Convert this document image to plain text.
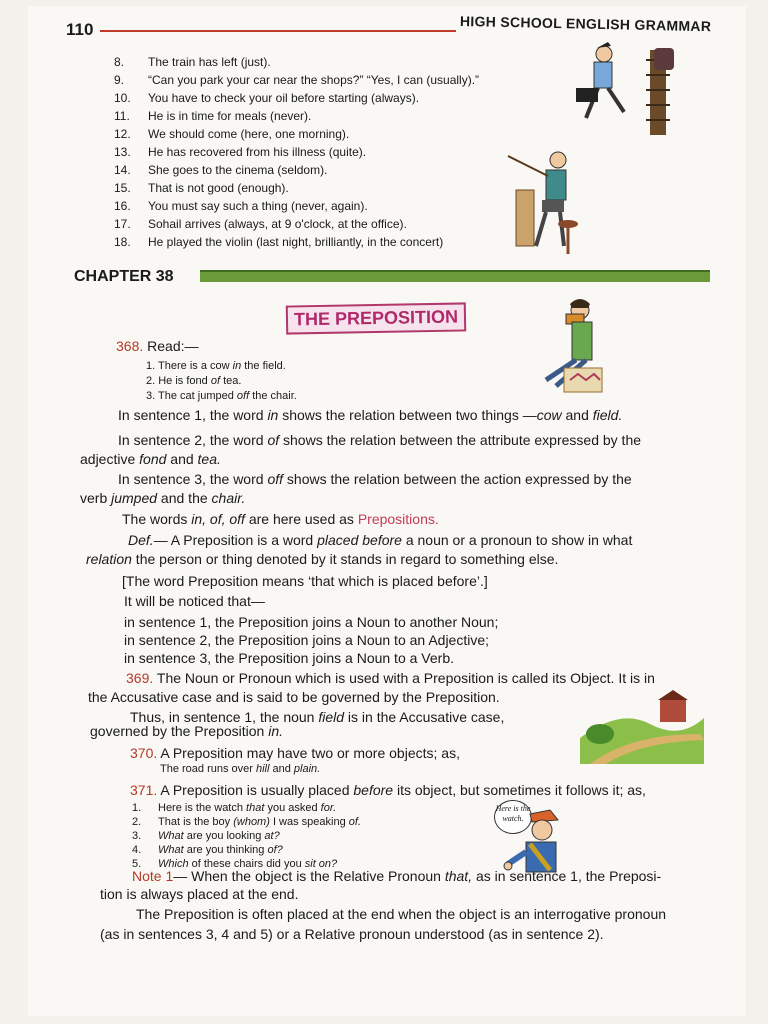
110	HIGH SCHOOL ENGLISH GRAMMAR
8. The train has left (just).
9. “Can you park your car near the shops?” “Yes, I can (usually).”
10. You have to check your oil before starting (always).
11. He is in time for meals (never).
12. We should come (here, one morning).
13. He has recovered from his illness (quite).
14. She goes to the cinema (seldom).
15. That is not good (enough).
16. You must say such a thing (never, again).
17. Sohail arrives (always, at 9 o'clock, at the office).
18. He played the violin (last night, brilliantly, in the concert)
CHAPTER 38
THE PREPOSITION
368. Read:—
1. There is a cow in the field.
2. He is fond of tea.
3. The cat jumped off the chair.
In sentence 1, the word in shows the relation between two things —cow and field.
In sentence 2, the word of shows the relation between the attribute expressed by the
adjective fond and tea.
In sentence 3, the word off shows the relation between the action expressed by the
verb jumped and the chair.
The words in, of, off are here used as Prepositions.
Def.— A Preposition is a word placed before a noun or a pronoun to show in what
relation the person or thing denoted by it stands in regard to something else.
[The word Preposition means ‘that which is placed before’.]
It will be noticed that—
in sentence 1, the Preposition joins a Noun to another Noun;
in sentence 2, the Preposition joins a Noun to an Adjective;
in sentence 3, the Preposition joins a Noun to a Verb.
369. The Noun or Pronoun which is used with a Preposition is called its Object. It is in
the Accusative case and is said to be governed by the Preposition.
Thus, in sentence 1, the noun field is in the Accusative case,
governed by the Preposition in.
370. A Preposition may have two or more objects; as,
The road runs over hill and plain.
371. A Preposition is usually placed before its object, but sometimes it follows it; as,
1. Here is the watch that you asked for.
2. That is the boy (whom) I was speaking of.
3. What are you looking at?
4. What are you thinking of?
5. Which of these chairs did you sit on?
Here is the watch.
Note 1— When the object is the Relative Pronoun that, as in sentence 1, the Preposi-
tion is always placed at the end.
The Preposition is often placed at the end when the object is an interrogative pronoun
(as in sentences 3, 4 and 5) or a Relative pronoun understood (as in sentence 2).
